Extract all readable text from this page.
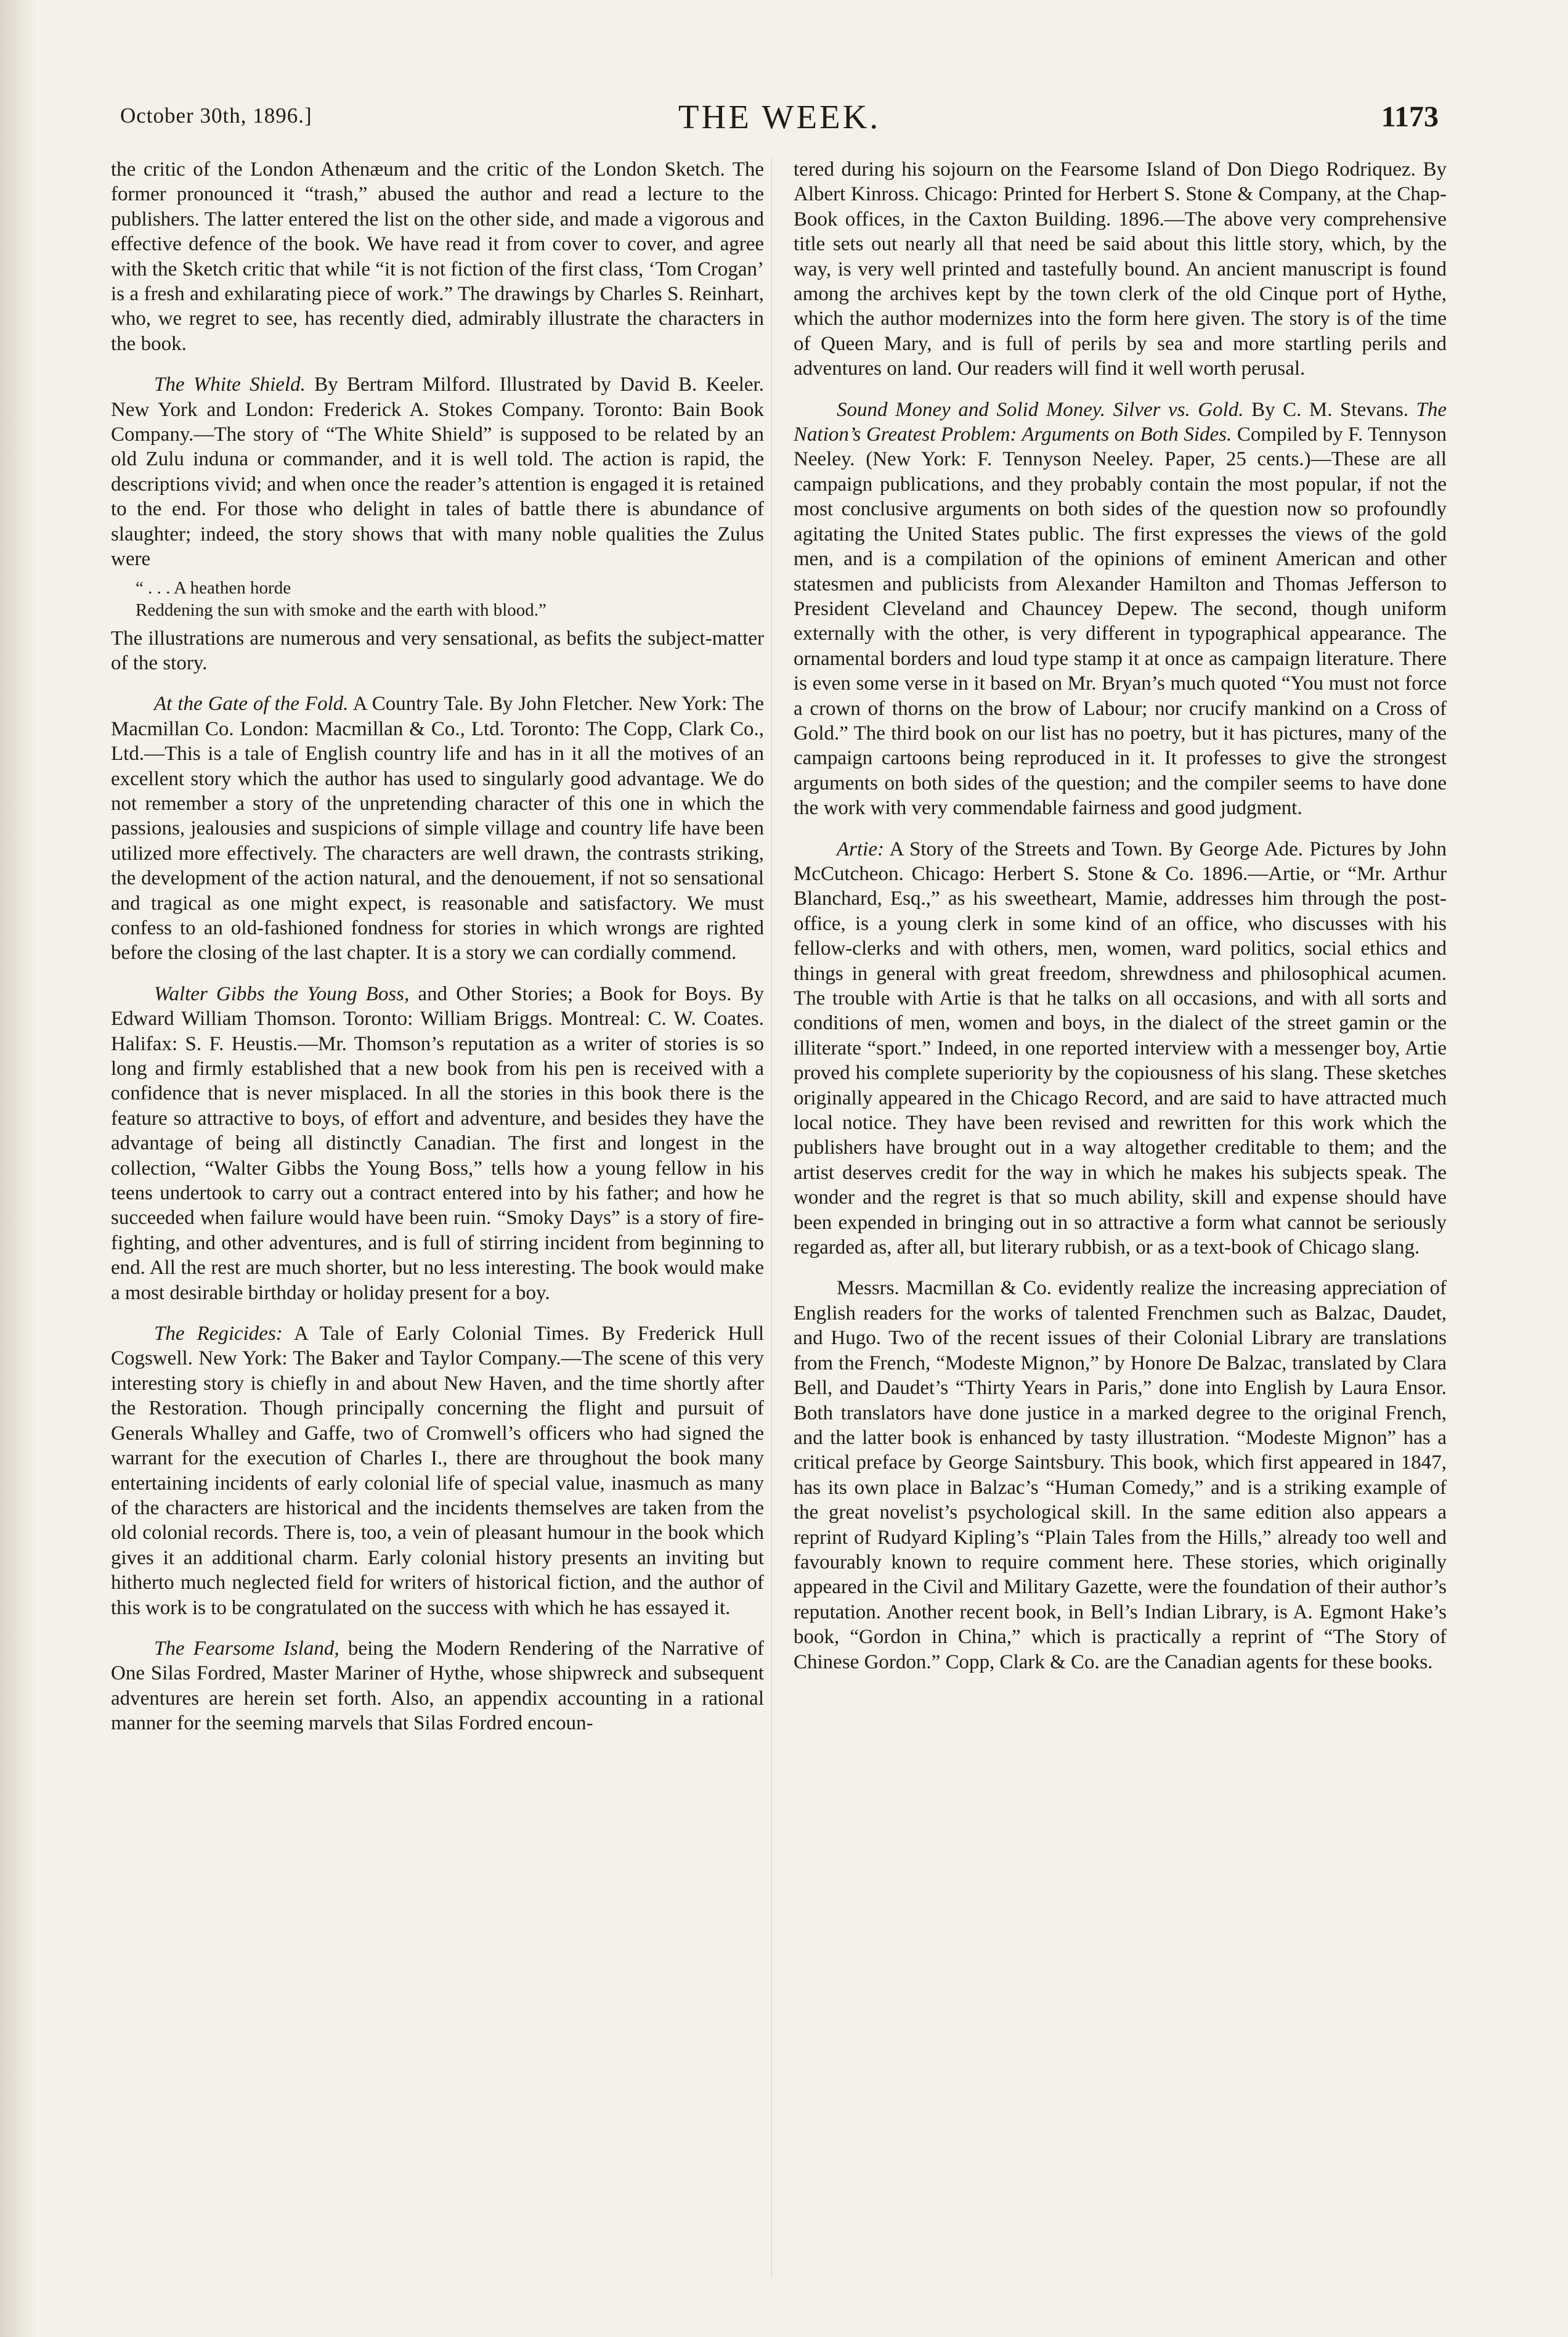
October 30th, 1896.]	THE WEEK.	1173

the critic of the London Athenæum and the critic of the London Sketch. The former pronounced it “trash,” abused the author and read a lecture to the publishers. The latter entered the list on the other side, and made a vigorous and effective defence of the book. We have read it from cover to cover, and agree with the Sketch critic that while “it is not fiction of the first class, ‘Tom Crogan’ is a fresh and exhilarating piece of work.” The drawings by Charles S. Reinhart, who, we regret to see, has recently died, admirably illustrate the characters in the book.

The White Shield. By Bertram Milford. Illustrated by David B. Keeler. New York and London: Frederick A. Stokes Company. Toronto: Bain Book Company.—The story of “The White Shield” is supposed to be related by an old Zulu induna or commander, and it is well told. The action is rapid, the descriptions vivid; and when once the reader’s attention is engaged it is retained to the end. For those who delight in tales of battle there is abundance of slaughter; indeed, the story shows that with many noble qualities the Zulus were

“ . . . A heathen horde

Reddening the sun with smoke and the earth with blood.”

The illustrations are numerous and very sensational, as befits the subject-matter of the story.

At the Gate of the Fold. A Country Tale. By John Fletcher. New York: The Macmillan Co. London: Macmillan & Co., Ltd. Toronto: The Copp, Clark Co., Ltd.—This is a tale of English country life and has in it all the motives of an excellent story which the author has used to singularly good advantage. We do not remember a story of the unpretending character of this one in which the passions, jealousies and suspicions of simple village and country life have been utilized more effectively. The characters are well drawn, the contrasts striking, the development of the action natural, and the denouement, if not so sensational and tragical as one might expect, is reasonable and satisfactory. We must confess to an old-fashioned fondness for stories in which wrongs are righted before the closing of the last chapter. It is a story we can cordially commend.

Walter Gibbs the Young Boss, and Other Stories; a Book for Boys. By Edward William Thomson. Toronto: William Briggs. Montreal: C. W. Coates. Halifax: S. F. Heustis.—Mr. Thomson’s reputation as a writer of stories is so long and firmly established that a new book from his pen is received with a confidence that is never misplaced. In all the stories in this book there is the feature so attractive to boys, of effort and adventure, and besides they have the advantage of being all distinctly Canadian. The first and longest in the collection, “Walter Gibbs the Young Boss,” tells how a young fellow in his teens undertook to carry out a contract entered into by his father; and how he succeeded when failure would have been ruin. “Smoky Days” is a story of fire-fighting, and other adventures, and is full of stirring incident from beginning to end. All the rest are much shorter, but no less interesting. The book would make a most desirable birthday or holiday present for a boy.

The Regicides: A Tale of Early Colonial Times. By Frederick Hull Cogswell. New York: The Baker and Taylor Company.—The scene of this very interesting story is chiefly in and about New Haven, and the time shortly after the Restoration. Though principally concerning the flight and pursuit of Generals Whalley and Gaffe, two of Cromwell’s officers who had signed the warrant for the execution of Charles I., there are throughout the book many entertaining incidents of early colonial life of special value, inasmuch as many of the characters are historical and the incidents themselves are taken from the old colonial records. There is, too, a vein of pleasant humour in the book which gives it an additional charm. Early colonial history presents an inviting but hitherto much neglected field for writers of historical fiction, and the author of this work is to be congratulated on the success with which he has essayed it.

The Fearsome Island, being the Modern Rendering of the Narrative of One Silas Fordred, Master Mariner of Hythe, whose shipwreck and subsequent adventures are herein set forth. Also, an appendix accounting in a rational manner for the seeming marvels that Silas Fordred encoun-

tered during his sojourn on the Fearsome Island of Don Diego Rodriquez. By Albert Kinross. Chicago: Printed for Herbert S. Stone & Company, at the Chap-Book offices, in the Caxton Building. 1896.—The above very comprehensive title sets out nearly all that need be said about this little story, which, by the way, is very well printed and tastefully bound. An ancient manuscript is found among the archives kept by the town clerk of the old Cinque port of Hythe, which the author modernizes into the form here given. The story is of the time of Queen Mary, and is full of perils by sea and more startling perils and adventures on land. Our readers will find it well worth perusal.

Sound Money and Solid Money. Silver vs. Gold. By C. M. Stevans. The Nation’s Greatest Problem: Arguments on Both Sides. Compiled by F. Tennyson Neeley. (New York: F. Tennyson Neeley. Paper, 25 cents.)—These are all campaign publications, and they probably contain the most popular, if not the most conclusive arguments on both sides of the question now so profoundly agitating the United States public. The first expresses the views of the gold men, and is a compilation of the opinions of eminent American and other statesmen and publicists from Alexander Hamilton and Thomas Jefferson to President Cleveland and Chauncey Depew. The second, though uniform externally with the other, is very different in typographical appearance. The ornamental borders and loud type stamp it at once as campaign literature. There is even some verse in it based on Mr. Bryan’s much quoted “You must not force a crown of thorns on the brow of Labour; nor crucify mankind on a Cross of Gold.” The third book on our list has no poetry, but it has pictures, many of the campaign cartoons being reproduced in it. It professes to give the strongest arguments on both sides of the question; and the compiler seems to have done the work with very commendable fairness and good judgment.

Artie: A Story of the Streets and Town. By George Ade. Pictures by John McCutcheon. Chicago: Herbert S. Stone & Co. 1896.—Artie, or “Mr. Arthur Blanchard, Esq.,” as his sweetheart, Mamie, addresses him through the post-office, is a young clerk in some kind of an office, who discusses with his fellow-clerks and with others, men, women, ward politics, social ethics and things in general with great freedom, shrewdness and philosophical acumen. The trouble with Artie is that he talks on all occasions, and with all sorts and conditions of men, women and boys, in the dialect of the street gamin or the illiterate “sport.” Indeed, in one reported interview with a messenger boy, Artie proved his complete superiority by the copiousness of his slang. These sketches originally appeared in the Chicago Record, and are said to have attracted much local notice. They have been revised and rewritten for this work which the publishers have brought out in a way altogether creditable to them; and the artist deserves credit for the way in which he makes his subjects speak. The wonder and the regret is that so much ability, skill and expense should have been expended in bringing out in so attractive a form what cannot be seriously regarded as, after all, but literary rubbish, or as a text-book of Chicago slang.

Messrs. Macmillan & Co. evidently realize the increasing appreciation of English readers for the works of talented Frenchmen such as Balzac, Daudet, and Hugo. Two of the recent issues of their Colonial Library are translations from the French, “Modeste Mignon,” by Honore De Balzac, translated by Clara Bell, and Daudet’s “Thirty Years in Paris,” done into English by Laura Ensor. Both translators have done justice in a marked degree to the original French, and the latter book is enhanced by tasty illustration. “Modeste Mignon” has a critical preface by George Saintsbury. This book, which first appeared in 1847, has its own place in Balzac’s “Human Comedy,” and is a striking example of the great novelist’s psychological skill. In the same edition also appears a reprint of Rudyard Kipling’s “Plain Tales from the Hills,” already too well and favourably known to require comment here. These stories, which originally appeared in the Civil and Military Gazette, were the foundation of their author’s reputation. Another recent book, in Bell’s Indian Library, is A. Egmont Hake’s book, “Gordon in China,” which is practically a reprint of “The Story of Chinese Gordon.” Copp, Clark & Co. are the Canadian agents for these books.
